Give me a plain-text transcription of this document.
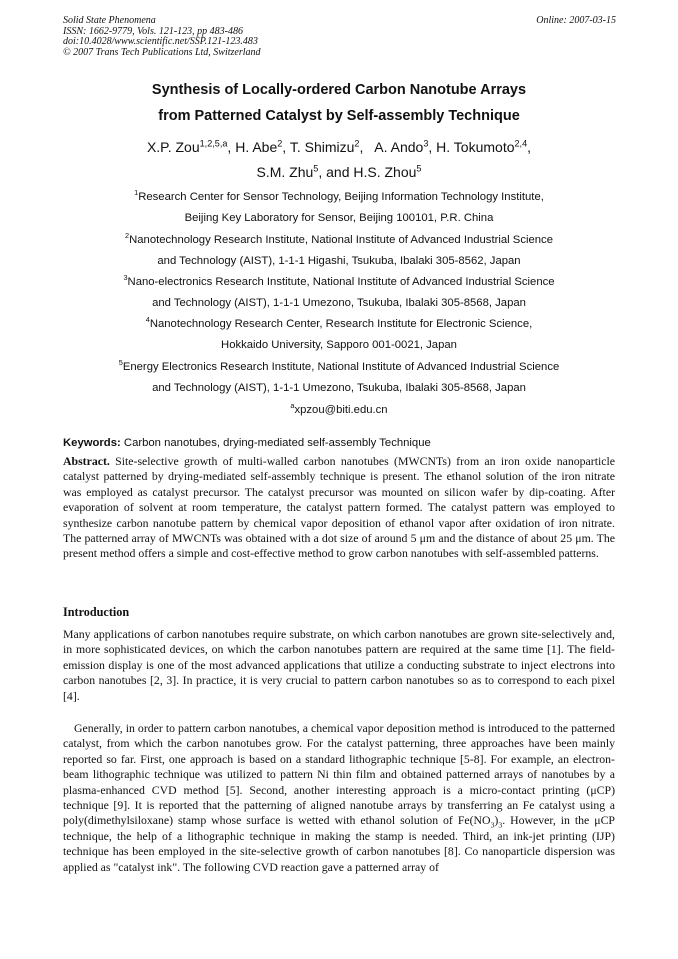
Solid State Phenomena
ISSN: 1662-9779, Vols. 121-123, pp 483-486
doi:10.4028/www.scientific.net/SSP.121-123.483
© 2007 Trans Tech Publications Ltd, Switzerland
Online: 2007-03-15
Synthesis of Locally-ordered Carbon Nanotube Arrays
from Patterned Catalyst by Self-assembly Technique
X.P. Zou$^{1,2,5,a}$, H. Abe$^2$, T. Shimizu$^2$,   A. Ando$^3$, H. Tokumoto$^{2,4}$,
S.M. Zhu$^5$, and H.S. Zhou$^5$
$^1$Research Center for Sensor Technology, Beijing Information Technology Institute,
Beijing Key Laboratory for Sensor, Beijing 100101, P.R. China
$^2$Nanotechnology Research Institute, National Institute of Advanced Industrial Science
and Technology (AIST), 1-1-1 Higashi, Tsukuba, Ibalaki 305-8562, Japan
$^3$Nano-electronics Research Institute, National Institute of Advanced Industrial Science
and Technology (AIST), 1-1-1 Umezono, Tsukuba, Ibalaki 305-8568, Japan
$^4$Nanotechnology Research Center, Research Institute for Electronic Science,
Hokkaido University, Sapporo 001-0021, Japan
$^5$Energy Electronics Research Institute, National Institute of Advanced Industrial Science
and Technology (AIST), 1-1-1 Umezono, Tsukuba, Ibalaki 305-8568, Japan
$^a$xpzou@biti.edu.cn
Keywords: Carbon nanotubes, drying-mediated self-assembly Technique
Abstract. Site-selective growth of multi-walled carbon nanotubes (MWCNTs) from an iron oxide nanoparticle catalyst patterned by drying-mediated self-assembly technique is present. The ethanol solution of the iron nitrate was employed as catalyst precursor. The catalyst precursor was mounted on silicon wafer by dip-coating. After evaporation of solvent at room temperature, the catalyst pattern formed. The catalyst pattern was employed to synthesize carbon nanotube pattern by chemical vapor deposition of ethanol vapor after oxidation of iron nitrate. The patterned array of MWCNTs was obtained with a dot size of around 5 μm and the distance of about 25 μm. The present method offers a simple and cost-effective method to grow carbon nanotubes with self-assembled patterns.
Introduction
Many applications of carbon nanotubes require substrate, on which carbon nanotubes are grown site-selectively and, in more sophisticated devices, on which the carbon nanotubes pattern are required at the same time [1]. The field-emission display is one of the most advanced applications that utilize a conducting substrate to inject electrons into carbon nanotubes [2, 3]. In practice, it is very crucial to pattern carbon nanotubes so as to correspond to each pixel [4].
Generally, in order to pattern carbon nanotubes, a chemical vapor deposition method is introduced to the patterned catalyst, from which the carbon nanotubes grow. For the catalyst patterning, three approaches have been mainly reported so far. First, one approach is based on a standard lithographic technique [5-8]. For example, an electron-beam lithographic technique was utilized to pattern Ni thin film and obtained patterned arrays of nanotubes by a plasma-enhanced CVD method [5]. Second, another interesting approach is a micro-contact printing (μCP) technique [9]. It is reported that the patterning of aligned nanotube arrays by transferring an Fe catalyst using a poly(dimethylsiloxane) stamp whose surface is wetted with ethanol solution of $Fe(NO_3)_3$. However, in the μCP technique, the help of a lithographic technique in making the stamp is needed. Third, an ink-jet printing (IJP) technique has been employed in the site-selective growth of carbon nanotubes [8]. Co nanoparticle dispersion was applied as "catalyst ink". The following CVD reaction gave a patterned array of
